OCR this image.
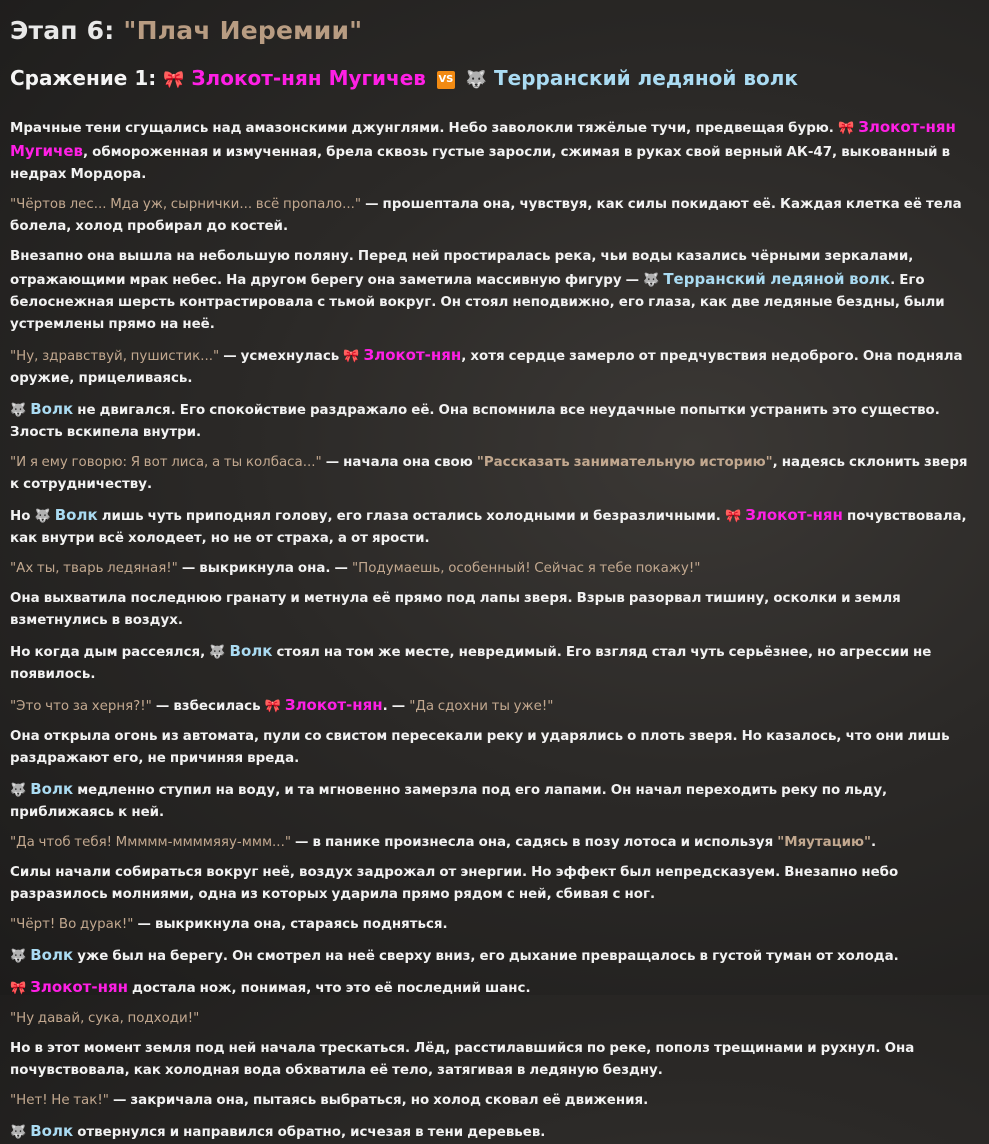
Этап 6: "Плач Иеремии"
Сражение 1: 🎀 Злокот-нян Мугичев VS 🐺 Терранский ледяной волк

Мрачные тени сгущались над амазонскими джунглями. Небо заволокли тяжёлые тучи, предвещая бурю. 🎀 Злокот-нян Мугичев, обмороженная и измученная, брела сквозь густые заросли, сжимая в руках свой верный АК-47, выкованный в недрах Мордора.

"Чёртов лес... Мда уж, сырнички... всё пропало..." — прошептала она, чувствуя, как силы покидают её. Каждая клетка её тела болела, холод пробирал до костей.

Внезапно она вышла на небольшую поляну. Перед ней простиралась река, чьи воды казались чёрными зеркалами, отражающими мрак небес. На другом берегу она заметила массивную фигуру — 🐺 Терранский ледяной волк. Его белоснежная шерсть контрастировала с тьмой вокруг. Он стоял неподвижно, его глаза, как две ледяные бездны, были устремлены прямо на неё.

"Ну, здравствуй, пушистик..." — усмехнулась 🎀 Злокот-нян, хотя сердце замерло от предчувствия недоброго. Она подняла оружие, прицеливаясь.

🐺 Волк не двигался. Его спокойствие раздражало её. Она вспомнила все неудачные попытки устранить это существо. Злость вскипела внутри.

"И я ему говорю: Я вот лиса, а ты колбаса..." — начала она свою "Рассказать занимательную историю", надеясь склонить зверя к сотрудничеству.

Но 🐺 Волк лишь чуть приподнял голову, его глаза остались холодными и безразличными. 🎀 Злокот-нян почувствовала, как внутри всё холодеет, но не от страха, а от ярости.

"Ах ты, тварь ледяная!" — выкрикнула она. — "Подумаешь, особенный! Сейчас я тебе покажу!"

Она выхватила последнюю гранату и метнула её прямо под лапы зверя. Взрыв разорвал тишину, осколки и земля взметнулись в воздух.

Но когда дым рассеялся, 🐺 Волк стоял на том же месте, невредимый. Его взгляд стал чуть серьёзнее, но агрессии не появилось.

"Это что за херня?!" — взбесилась 🎀 Злокот-нян. — "Да сдохни ты уже!"

Она открыла огонь из автомата, пули со свистом пересекали реку и ударялись о плоть зверя. Но казалось, что они лишь раздражают его, не причиняя вреда.

🐺 Волк медленно ступил на воду, и та мгновенно замерзла под его лапами. Он начал переходить реку по льду, приближаясь к ней.

"Да чтоб тебя! Ммммм-ммммяяу-ммм..." — в панике произнесла она, садясь в позу лотоса и используя "Мяутацию".

Силы начали собираться вокруг неё, воздух задрожал от энергии. Но эффект был непредсказуем. Внезапно небо разразилось молниями, одна из которых ударила прямо рядом с ней, сбивая с ног.

"Чёрт! Во дурак!" — выкрикнула она, стараясь подняться.

🐺 Волк уже был на берегу. Он смотрел на неё сверху вниз, его дыхание превращалось в густой туман от холода.

🎀 Злокот-нян достала нож, понимая, что это её последний шанс.

"Ну давай, сука, подходи!"

Но в этот момент земля под ней начала трескаться. Лёд, расстилавшийся по реке, пополз трещинами и рухнул. Она почувствовала, как холодная вода обхватила её тело, затягивая в ледяную бездну.

"Нет! Не так!" — закричала она, пытаясь выбраться, но холод сковал её движения.

🐺 Волк отвернулся и направился обратно, исчезая в тени деревьев.
